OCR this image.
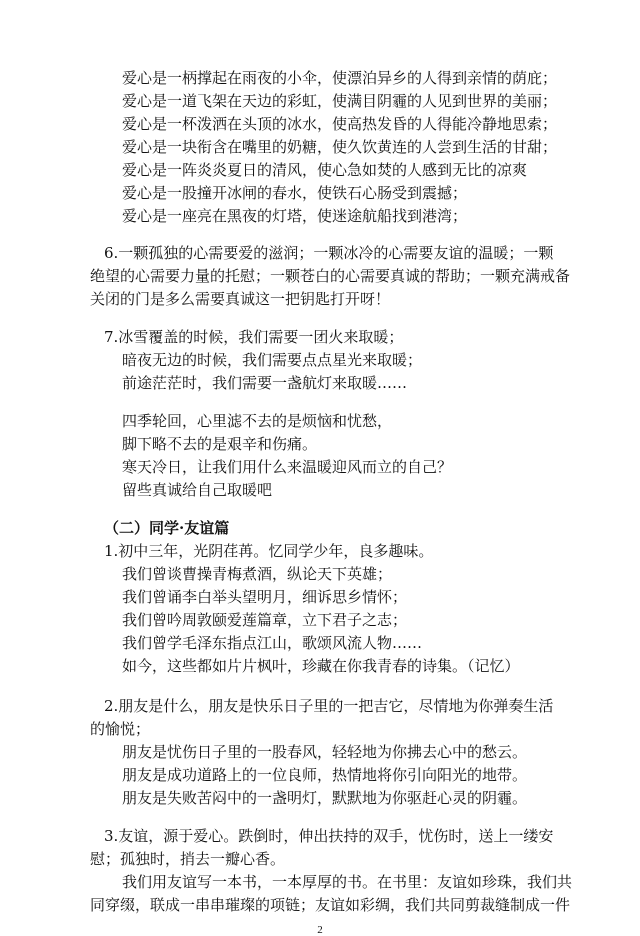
爱心是一柄撑起在雨夜的小伞，使漂泊异乡的人得到亲情的荫庇；
爱心是一道飞架在天边的彩虹，使满目阴霾的人见到世界的美丽；
爱心是一杯泼洒在头顶的冰水，使高热发昏的人得能冷静地思索；
爱心是一块衔含在嘴里的奶糖，使久饮黄连的人尝到生活的甘甜；
爱心是一阵炎炎夏日的清风，使心急如焚的人感到无比的凉爽
爱心是一股撞开冰闸的春水，使铁石心肠受到震撼；
爱心是一座亮在黑夜的灯塔，使迷途航船找到港湾；
6.一颗孤独的心需要爱的滋润；一颗冰冷的心需要友谊的温暖；一颗
绝望的心需要力量的托慰；一颗苍白的心需要真诚的帮助；一颗充满戒备
关闭的门是多么需要真诚这一把钥匙打开呀！
7.冰雪覆盖的时候，我们需要一团火来取暖；
暗夜无边的时候，我们需要点点星光来取暖；
前途茫茫时，我们需要一盏航灯来取暖……
四季轮回，心里滤不去的是烦恼和忧愁，
脚下略不去的是艰辛和伤痛。
寒天冷日，让我们用什么来温暖迎风而立的自己？
留些真诚给自己取暖吧
（二）同学·友谊篇
1.初中三年，光阴荏苒。忆同学少年，良多趣味。
我们曾谈曹操青梅煮酒，纵论天下英雄；
我们曾诵李白举头望明月，细诉思乡情怀；
我们曾吟周敦颐爱莲篇章，立下君子之志；
我们曾学毛泽东指点江山，歌颂风流人物……
如今，这些都如片片枫叶，珍藏在你我青春的诗集。（记忆）
2.朋友是什么，朋友是快乐日子里的一把吉它，尽情地为你弹奏生活
的愉悦；
朋友是忧伤日子里的一股春风，轻轻地为你拂去心中的愁云。
朋友是成功道路上的一位良师，热情地将你引向阳光的地带。
朋友是失败苦闷中的一盏明灯，默默地为你驱赶心灵的阴霾。
3.友谊，源于爱心。跌倒时，伸出扶持的双手，忧伤时，送上一缕安
2
慰；孤独时，捎去一瓣心香。
我们用友谊写一本书，一本厚厚的书。在书里：友谊如珍珠，我们共
同穿缀，联成一串串璀璨的项链；友谊如彩绸，我们共同剪裁缝制成一件
